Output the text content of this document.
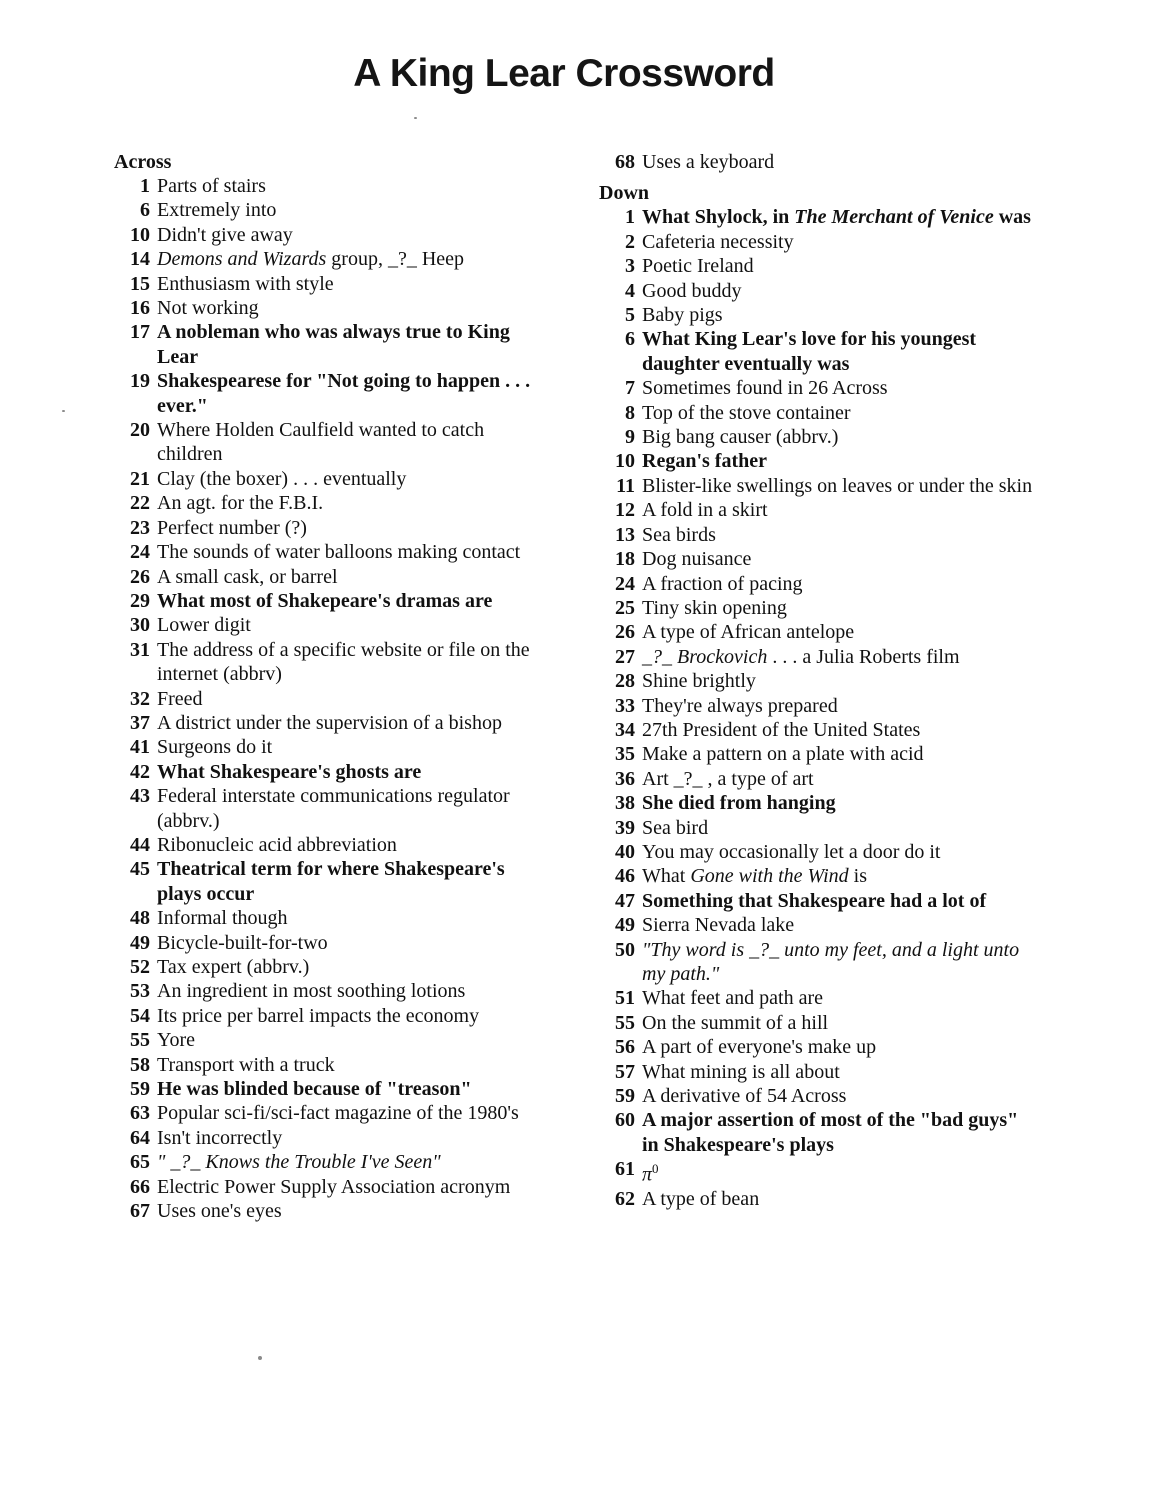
A King Lear Crossword
Across
1 Parts of stairs
6 Extremely into
10 Didn't give away
14 Demons and Wizards group, _?_ Heep
15 Enthusiasm with style
16 Not working
17 A nobleman who was always true to King Lear
19 Shakespearese for "Not going to happen . . . ever."
20 Where Holden Caulfield wanted to catch children
21 Clay (the boxer) . . . eventually
22 An agt. for the F.B.I.
23 Perfect number (?)
24 The sounds of water balloons making contact
26 A small cask, or barrel
29 What most of Shakepeare's dramas are
30 Lower digit
31 The address of a specific website or file on the internet (abbrv)
32 Freed
37 A district under the supervision of a bishop
41 Surgeons do it
42 What Shakespeare's ghosts are
43 Federal interstate communications regulator (abbrv.)
44 Ribonucleic acid abbreviation
45 Theatrical term for where Shakespeare's plays occur
48 Informal though
49 Bicycle-built-for-two
52 Tax expert (abbrv.)
53 An ingredient in most soothing lotions
54 Its price per barrel impacts the economy
55 Yore
58 Transport with a truck
59 He was blinded because of "treason"
63 Popular sci-fi/sci-fact magazine of the 1980's
64 Isn't incorrectly
65 " _?_ Knows the Trouble I've Seen"
66 Electric Power Supply Association acronym
67 Uses one's eyes
68 Uses a keyboard
Down
1 What Shylock, in The Merchant of Venice was
2 Cafeteria necessity
3 Poetic Ireland
4 Good buddy
5 Baby pigs
6 What King Lear's love for his youngest daughter eventually was
7 Sometimes found in 26 Across
8 Top of the stove container
9 Big bang causer (abbrv.)
10 Regan's father
11 Blister-like swellings on leaves or under the skin
12 A fold in a skirt
13 Sea birds
18 Dog nuisance
24 A fraction of pacing
25 Tiny skin opening
26 A type of African antelope
27 _?_ Brockovich . . . a Julia Roberts film
28 Shine brightly
33 They're always prepared
34 27th President of the United States
35 Make a pattern on a plate with acid
36 Art _?_ , a type of art
38 She died from hanging
39 Sea bird
40 You may occasionally let a door do it
46 What Gone with the Wind is
47 Something that Shakespeare had a lot of
49 Sierra Nevada lake
50 "Thy word is _?_ unto my feet, and a light unto my path."
51 What feet and path are
55 On the summit of a hill
56 A part of everyone's make up
57 What mining is all about
59 A derivative of 54 Across
60 A major assertion of most of the "bad guys" in Shakespeare's plays
61 $\pi^0$
62 A type of bean
